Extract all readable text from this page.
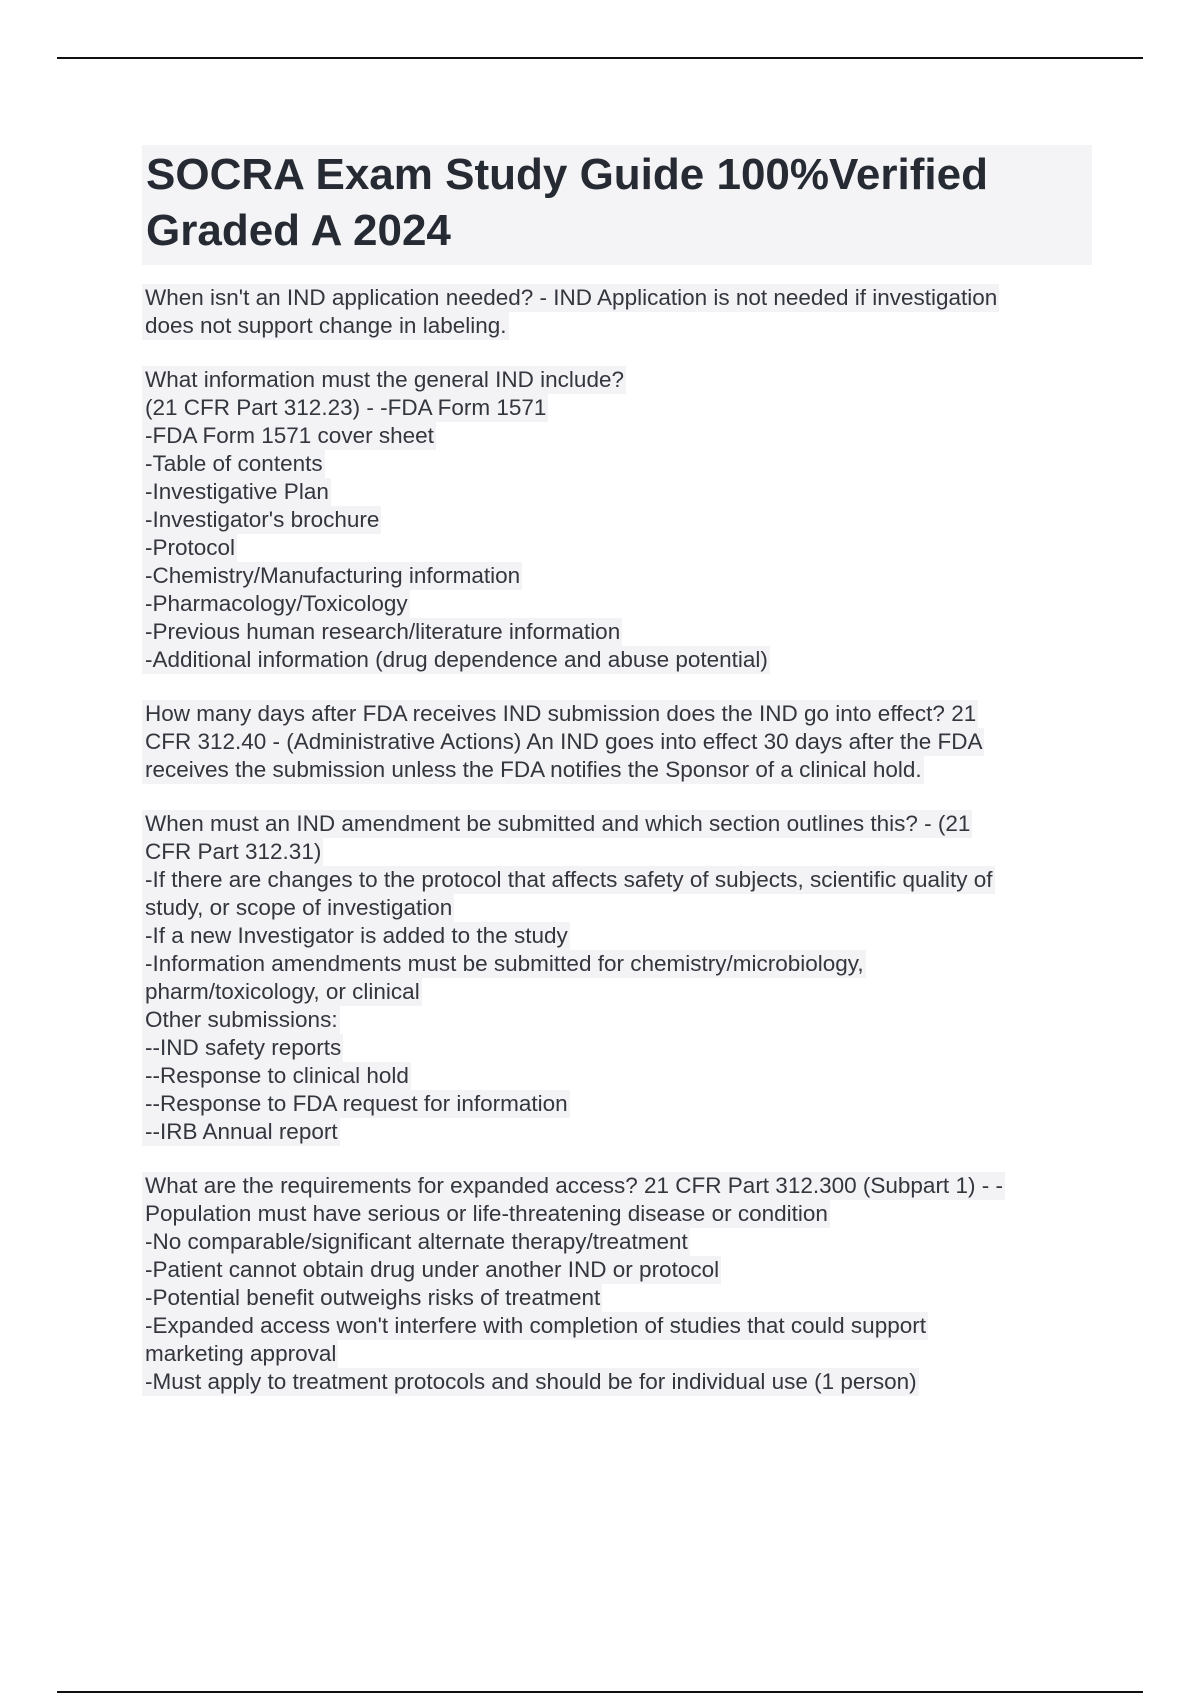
SOCRA Exam Study Guide 100%Verified
Graded A 2024
When isn't an IND application needed? - IND Application is not needed if investigation
does not support change in labeling.
What information must the general IND include?
(21 CFR Part 312.23) - -FDA Form 1571
-FDA Form 1571 cover sheet
-Table of contents
-Investigative Plan
-Investigator's brochure
-Protocol
-Chemistry/Manufacturing information
-Pharmacology/Toxicology
-Previous human research/literature information
-Additional information (drug dependence and abuse potential)
How many days after FDA receives IND submission does the IND go into effect? 21
CFR 312.40 - (Administrative Actions) An IND goes into effect 30 days after the FDA
receives the submission unless the FDA notifies the Sponsor of a clinical hold.
When must an IND amendment be submitted and which section outlines this? - (21
CFR Part 312.31)
-If there are changes to the protocol that affects safety of subjects, scientific quality of
study, or scope of investigation
-If a new Investigator is added to the study
-Information amendments must be submitted for chemistry/microbiology,
pharm/toxicology, or clinical
Other submissions:
--IND safety reports
--Response to clinical hold
--Response to FDA request for information
--IRB Annual report
What are the requirements for expanded access? 21 CFR Part 312.300 (Subpart 1) - -
Population must have serious or life-threatening disease or condition
-No comparable/significant alternate therapy/treatment
-Patient cannot obtain drug under another IND or protocol
-Potential benefit outweighs risks of treatment
-Expanded access won't interfere with completion of studies that could support
marketing approval
-Must apply to treatment protocols and should be for individual use (1 person)
